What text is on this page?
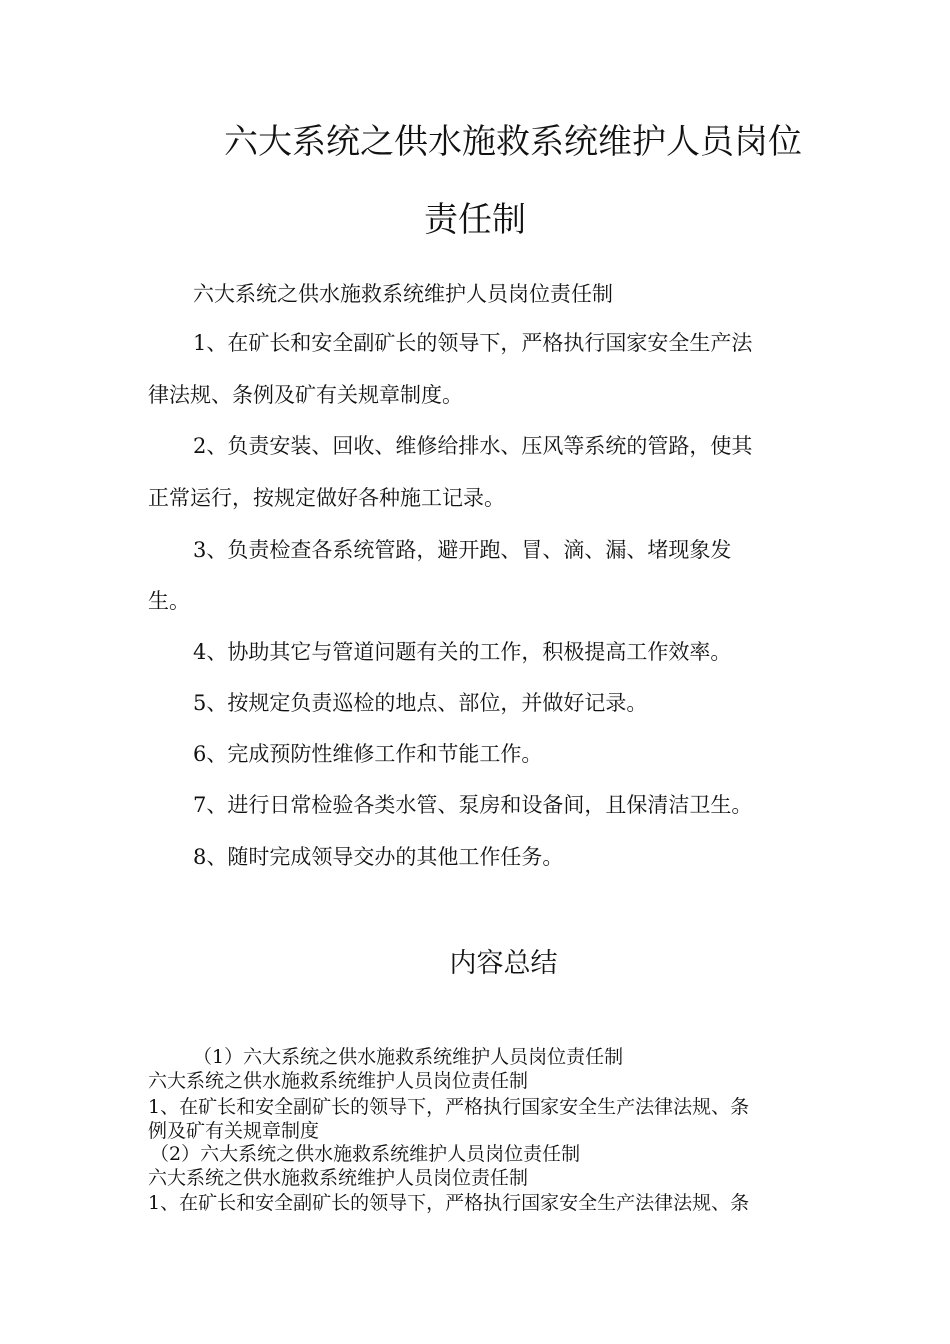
六大系统之供水施救系统维护人员岗位
责任制
六大系统之供水施救系统维护人员岗位责任制
1、在矿长和安全副矿长的领导下，严格执行国家安全生产法
律法规、条例及矿有关规章制度。
2、负责安装、回收、维修给排水、压风等系统的管路，使其
正常运行，按规定做好各种施工记录。
3、负责检查各系统管路，避开跑、冒、滴、漏、堵现象发
生。
4、协助其它与管道问题有关的工作，积极提高工作效率。
5、按规定负责巡检的地点、部位，并做好记录。
6、完成预防性维修工作和节能工作。
7、进行日常检验各类水管、泵房和设备间，且保清洁卫生。
8、随时完成领导交办的其他工作任务。
内容总结
（1）六大系统之供水施救系统维护人员岗位责任制
六大系统之供水施救系统维护人员岗位责任制
1、在矿长和安全副矿长的领导下，严格执行国家安全生产法律法规、条
例及矿有关规章制度
（2）六大系统之供水施救系统维护人员岗位责任制
六大系统之供水施救系统维护人员岗位责任制
1、在矿长和安全副矿长的领导下，严格执行国家安全生产法律法规、条
